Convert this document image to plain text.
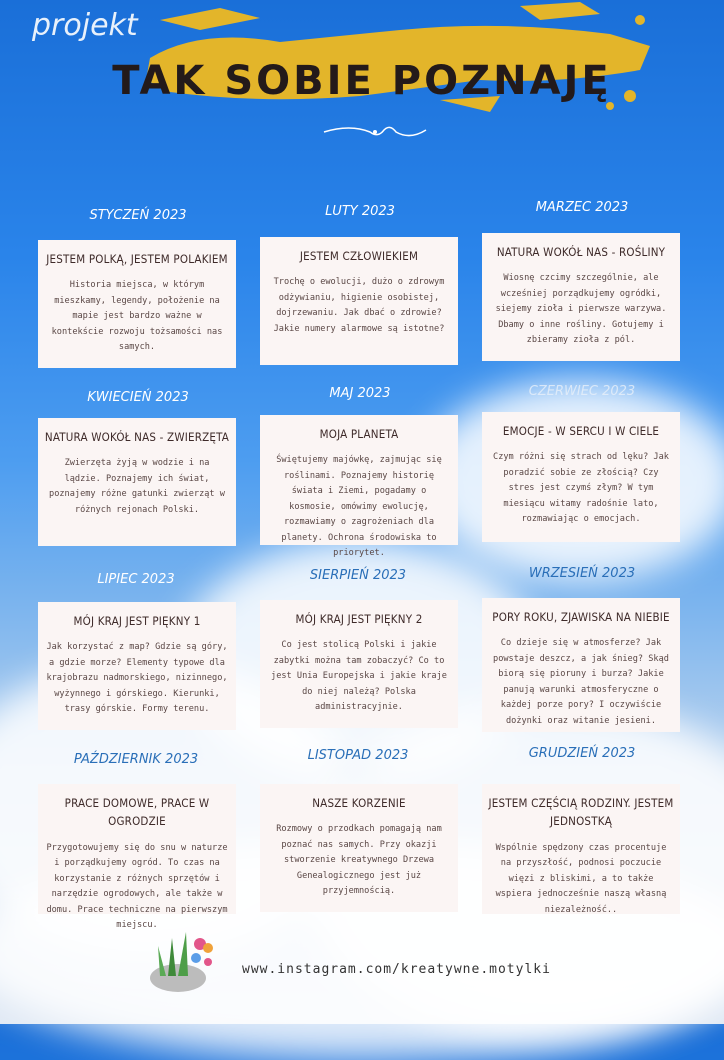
projekt
TAK SOBIE POZNAJĘ
STYCZEŃ 2023	LUTY 2023	MARZEC 2023
JESTEM POLKĄ, JESTEM POLAKIEM

Historia miejsca, w którym mieszkamy, legendy, położenie na mapie jest bardzo ważne w kontekście rozwoju tożsamości nas samych.

JESTEM CZŁOWIEKIEM

Trochę o ewolucji, dużo o zdrowym odżywianiu, higienie osobistej, dojrzewaniu. Jak dbać o zdrowie? Jakie numery alarmowe są istotne?

NATURA WOKÓŁ NAS - ROŚLINY

Wiosnę czcimy szczególnie, ale wcześniej porządkujemy ogródki, siejemy zioła i pierwsze warzywa. Dbamy o inne rośliny. Gotujemy i zbieramy zioła z pól.

KWIECIEŃ 2023	MAJ 2023	CZERWIEC 2023
NATURA WOKÓŁ NAS - ZWIERZĘTA

Zwierzęta żyją w wodzie i na lądzie. Poznajemy ich świat, poznajemy różne gatunki zwierząt w różnych rejonach Polski.

MOJA PLANETA

Świętujemy majówkę, zajmując się roślinami. Poznajemy historię świata i Ziemi, pogadamy o kosmosie, omówimy ewolucję, rozmawiamy o zagrożeniach dla planety. Ochrona środowiska to priorytet.

EMOCJE - W SERCU I W CIELE

Czym różni się strach od lęku? Jak poradzić sobie ze złością? Czy stres jest czymś złym? W tym miesiącu witamy radośnie lato, rozmawiając o emocjach.

LIPIEC 2023	SIERPIEŃ 2023	WRZESIEŃ 2023
MÓJ KRAJ JEST PIĘKNY 1

Jak korzystać z map? Gdzie są góry, a gdzie morze? Elementy typowe dla krajobrazu nadmorskiego, nizinnego, wyżynnego i górskiego. Kierunki, trasy górskie. Formy terenu.

MÓJ KRAJ JEST PIĘKNY 2

Co jest stolicą Polski i jakie zabytki można tam zobaczyć? Co to jest Unia Europejska i jakie kraje do niej należą? Polska administracyjnie.

PORY ROKU, ZJAWISKA NA NIEBIE

Co dzieje się w atmosferze? Jak powstaje deszcz, a jak śnieg? Skąd biorą się pioruny i burza? Jakie panują warunki atmosferyczne o każdej porze pory? I oczywiście dożynki oraz witanie jesieni.

PAŹDZIERNIK 2023	LISTOPAD 2023	GRUDZIEŃ 2023
PRACE DOMOWE, PRACE W OGRODZIE

Przygotowujemy się do snu w naturze i porządkujemy ogród. To czas na korzystanie z różnych sprzętów i narzędzie ogrodowych, ale także w domu. Prace techniczne na pierwszym miejscu.

NASZE KORZENIE

Rozmowy o przodkach pomagają nam poznać nas samych. Przy okazji stworzenie kreatywnego Drzewa Genealogicznego jest już przyjemnością.

JESTEM CZĘŚCIĄ RODZINY. JESTEM JEDNOSTKĄ

Wspólnie spędzony czas procentuje na przyszłość, podnosi poczucie więzi z bliskimi, a to także wspiera jednocześnie naszą własną niezależność..

www.instagram.com/kreatywne.motylki
